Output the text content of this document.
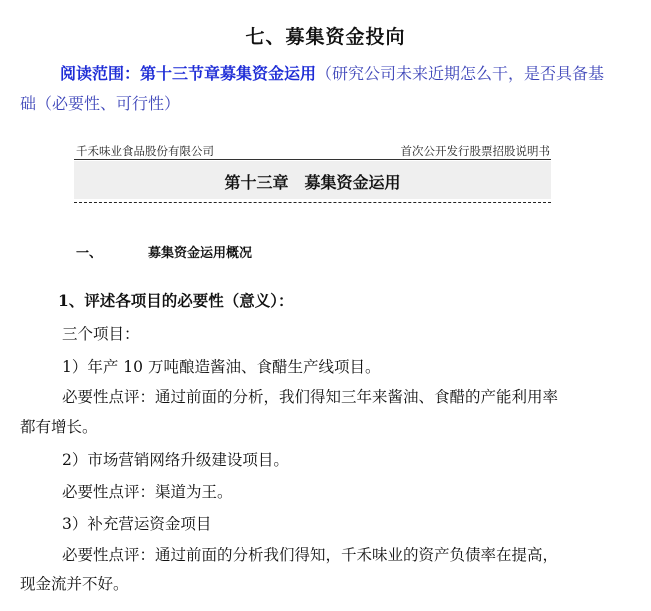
七、募集资金投向
阅读范围：第十三节章募集资金运用（研究公司未来近期怎么干，是否具备基础（必要性、可行性）
千禾味业食品股份有限公司	首次公开发行股票招股说明书
第十三章　募集资金运用
一、	募集资金运用概况
1、评述各项目的必要性（意义）：
三个项目：
1）年产 10 万吨酿造酱油、食醋生产线项目。
必要性点评：通过前面的分析，我们得知三年来酱油、食醋的产能利用率
都有增长。
2）市场营销网络升级建设项目。
必要性点评：渠道为王。
3）补充营运资金项目
必要性点评：通过前面的分析我们得知，千禾味业的资产负债率在提高，
现金流并不好。
